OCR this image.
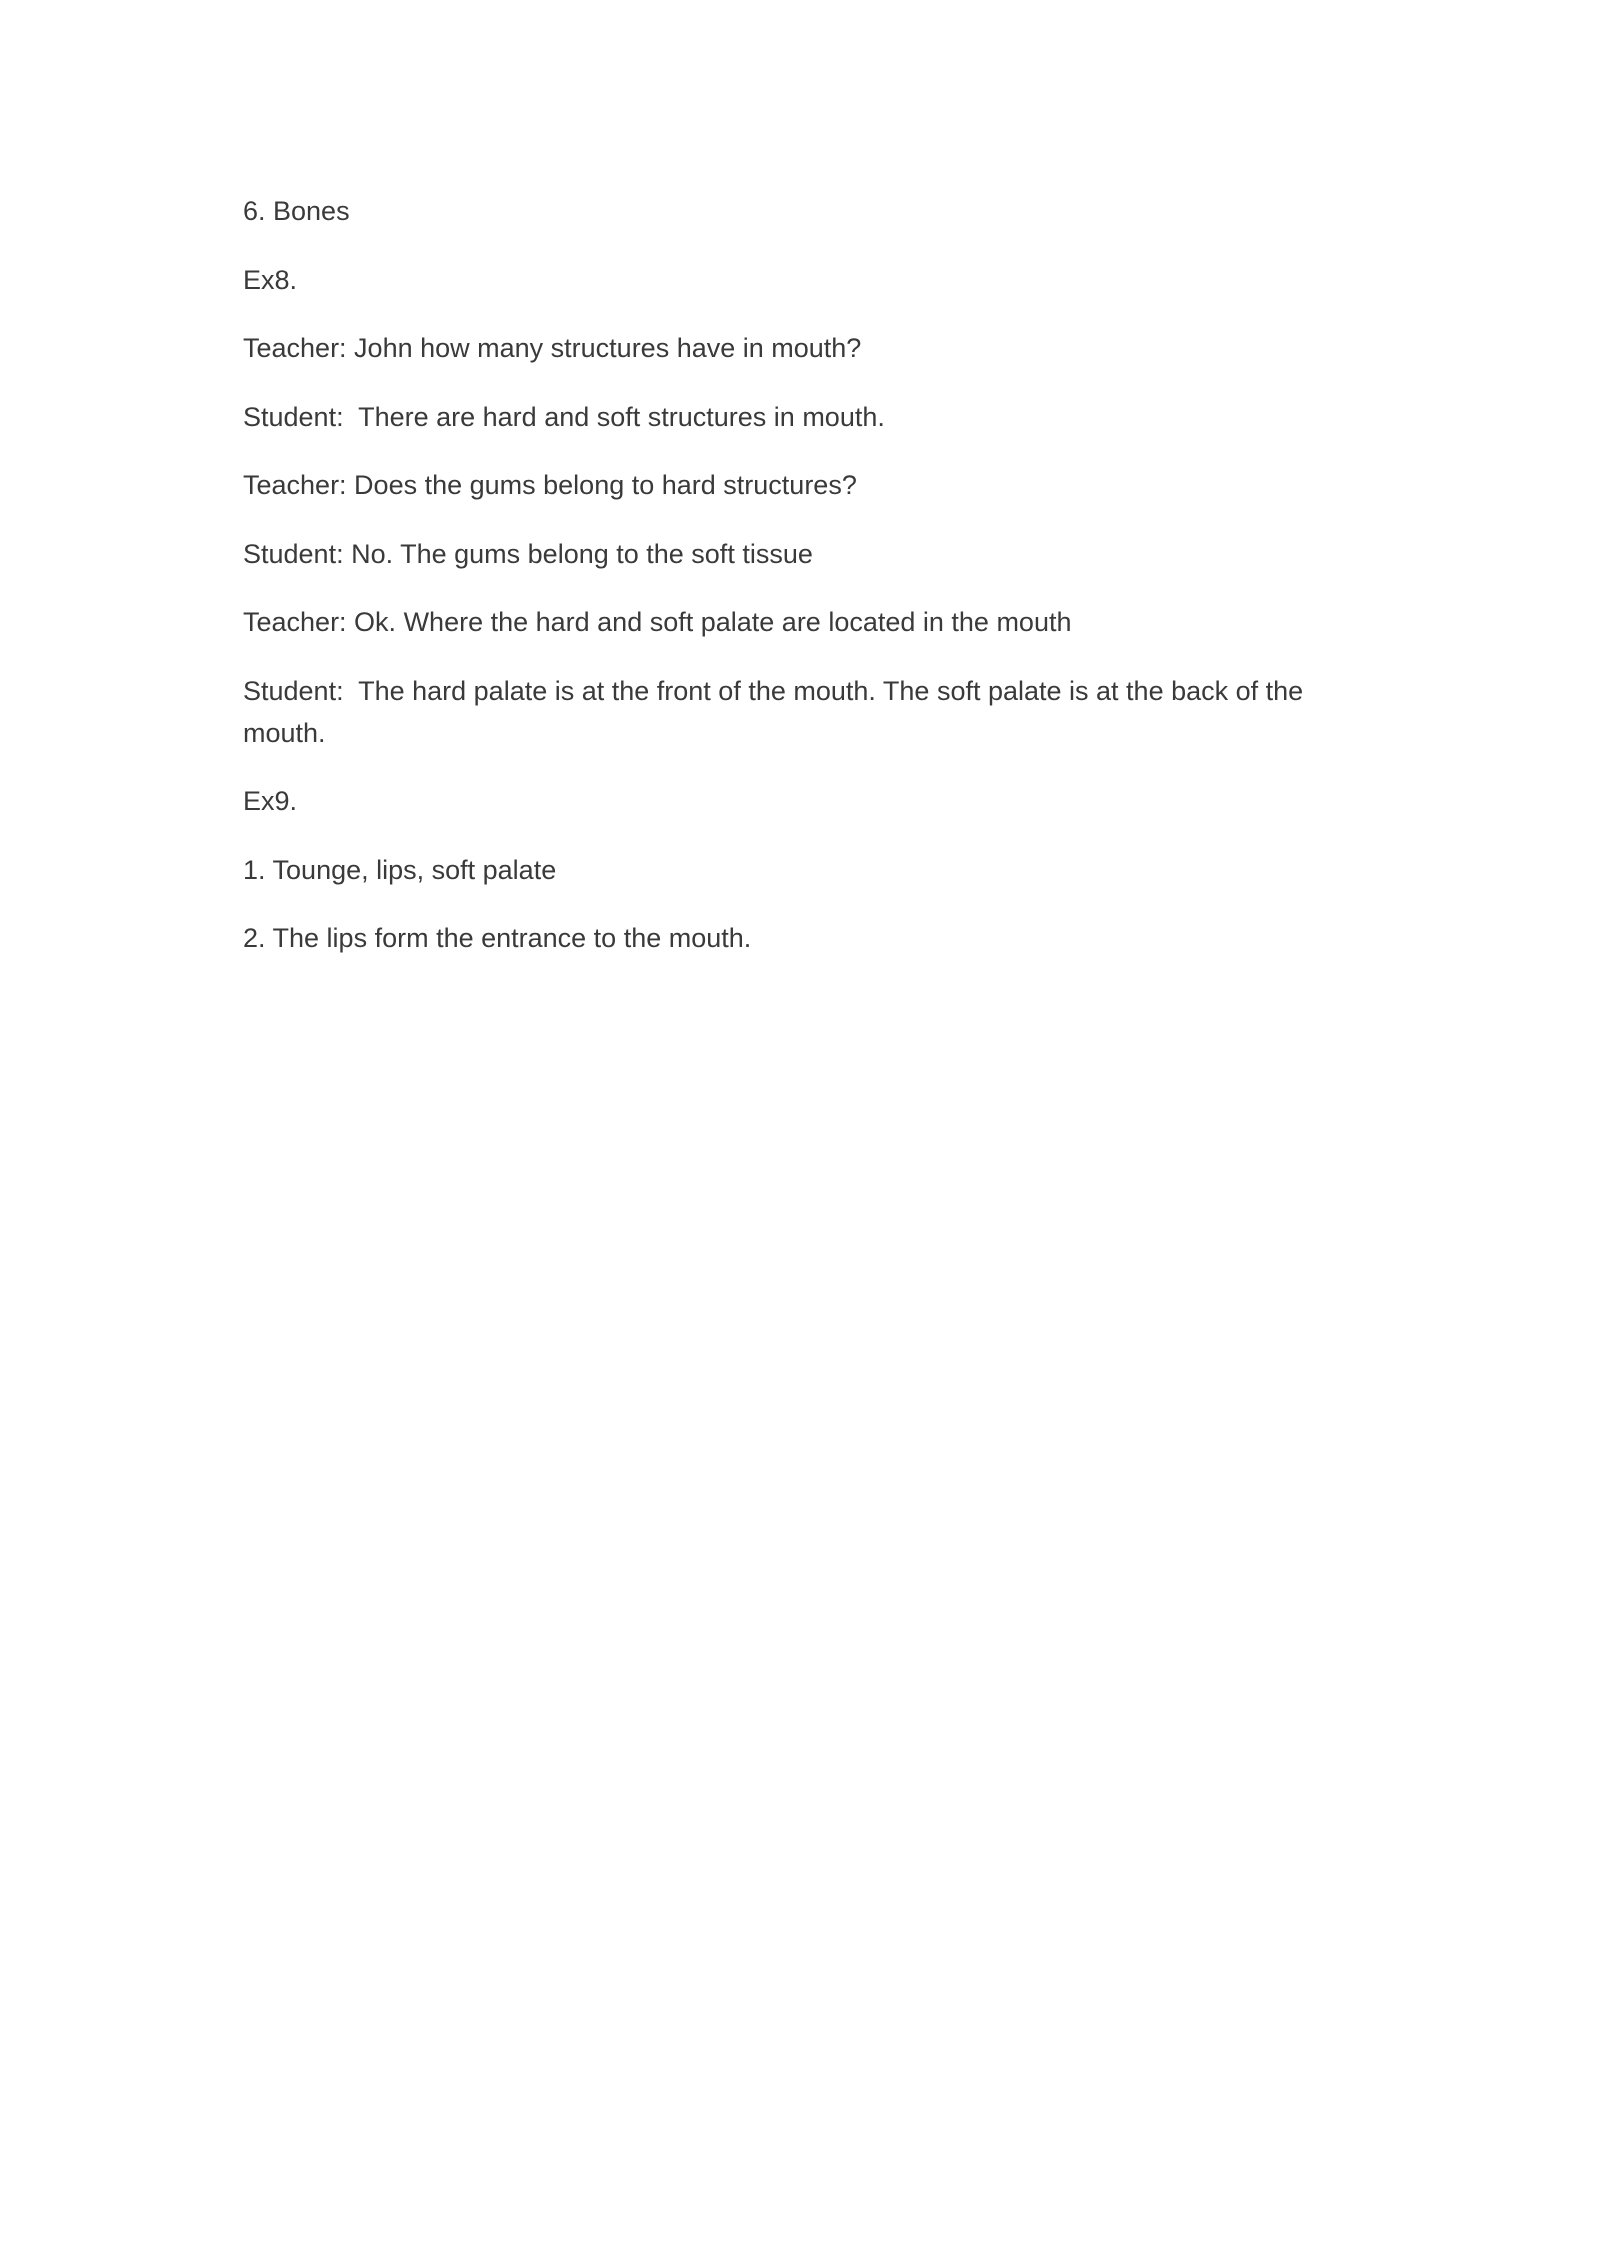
6. Bones

Ex8.

Teacher: John how many structures have in mouth?

Student:  There are hard and soft structures in mouth.

Teacher: Does the gums belong to hard structures?

Student: No. The gums belong to the soft tissue

Teacher: Ok. Where the hard and soft palate are located in the mouth

Student:  The hard palate is at the front of the mouth. The soft palate is at the back of the mouth.

Ex9.

1. Tounge, lips, soft palate

2. The lips form the entrance to the mouth.
